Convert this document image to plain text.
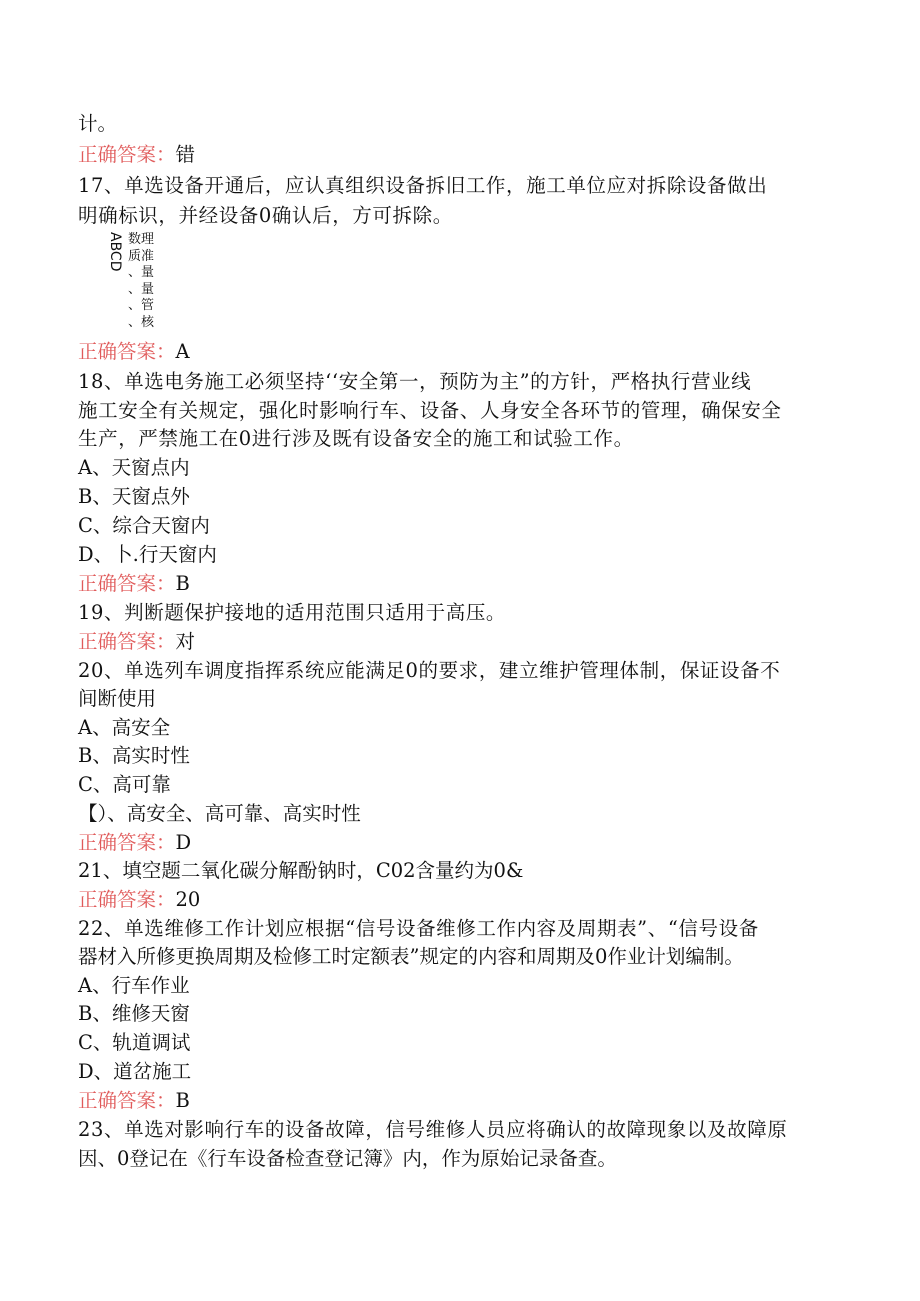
计。
正确答案：错
17、单选设备开通后，应认真组织设备拆旧工作，施工单位应对拆除设备做出
明确标识，并经设备0确认后，方可拆除。
ABCD 数理
质准
、量
、量
、管
、核
正确答案：A
18、单选电务施工必须坚持‘‘安全第一，预防为主”的方针，严格执行营业线
施工安全有关规定，强化时影响行车、设备、人身安全各环节的管理，确保安全
生产，严禁施工在0进行涉及既有设备安全的施工和试验工作。
A、天窗点内
B、天窗点外
C、综合天窗内
D、卜.行天窗内
正确答案：B
19、判断题保护接地的适用范围只适用于高压。
正确答案：对
20、单选列车调度指挥系统应能满足0的要求，建立维护管理体制，保证设备不
间断使用
A、高安全
B、高实时性
C、高可靠
【）、高安全、高可靠、高实时性
正确答案：D
21、填空题二氧化碳分解酚钠时，C02含量约为0&
正确答案：20
22、单选维修工作计划应根据“信号设备维修工作内容及周期表”、“信号设备
器材入所修更换周期及检修工时定额表”规定的内容和周期及0作业计划编制。
A、行车作业
B、维修天窗
C、轨道调试
D、道岔施工
正确答案：B
23、单选对影响行车的设备故障，信号维修人员应将确认的故障现象以及故障原
因、0登记在《行车设备检查登记簿》内，作为原始记录备查。
